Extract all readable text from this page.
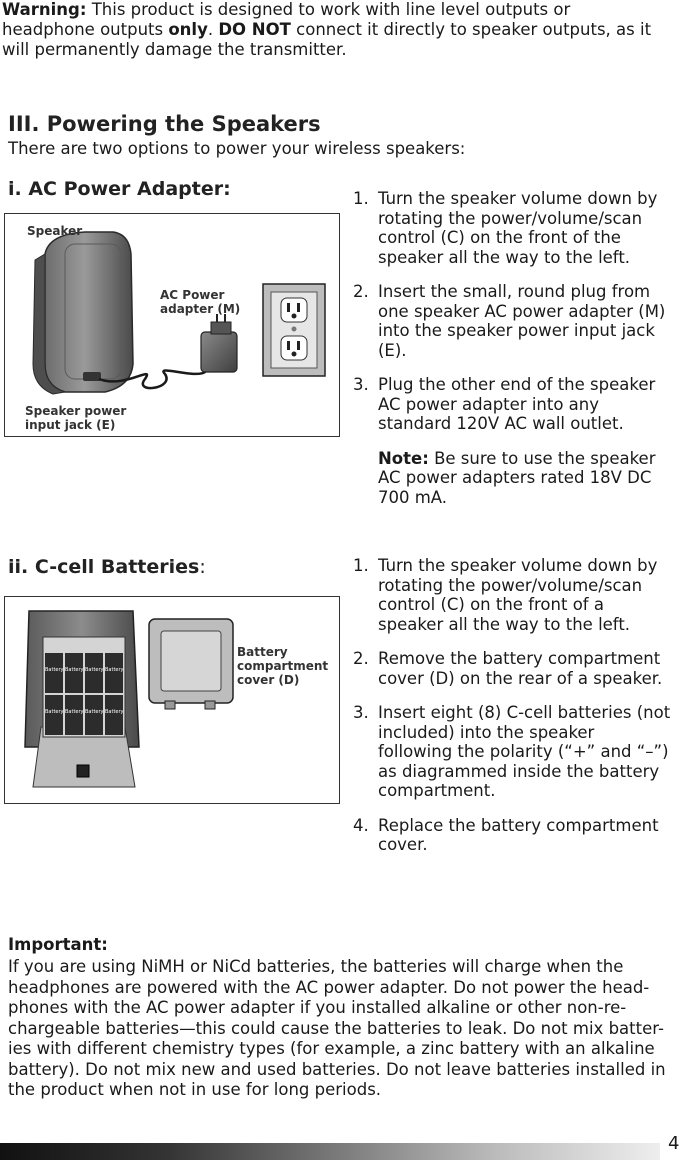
Warning: This product is designed to work with line level outputs or headphone outputs only. DO NOT connect it directly to speaker outputs, as it will permanently damage the transmitter.
III. Powering the Speakers
There are two options to power your wireless speakers:
i. AC Power Adapter:
Speaker
AC Power adapter (M)
Speaker power input jack (E)
1. Turn the speaker volume down by rotating the power/volume/scan control (C) on the front of the speaker all the way to the left.
2. Insert the small, round plug from one speaker AC power adapter (M) into the speaker power input jack (E).
3. Plug the other end of the speaker AC power adapter into any standard 120V AC wall outlet.
Note: Be sure to use the speaker AC power adapters rated 18V DC 700 mA.
ii. C-cell Batteries:
Battery Battery Battery Battery
Battery Battery Battery Battery
Battery compartment cover (D)
1. Turn the speaker volume down by rotating the power/volume/scan control (C) on the front of a speaker all the way to the left.
2. Remove the battery compartment cover (D) on the rear of a speaker.
3. Insert eight (8) C-cell batteries (not included) into the speaker following the polarity (“+” and “–”) as diagrammed inside the battery compartment.
4. Replace the battery compartment cover.
Important:
If you are using NiMH or NiCd batteries, the batteries will charge when the headphones are powered with the AC power adapter. Do not power the head-phones with the AC power adapter if you installed alkaline or other non-re-chargeable batteries—this could cause the batteries to leak. Do not mix batter-ies with different chemistry types (for example, a zinc battery with an alkaline battery). Do not mix new and used batteries. Do not leave batteries installed in the product when not in use for long periods.
4
